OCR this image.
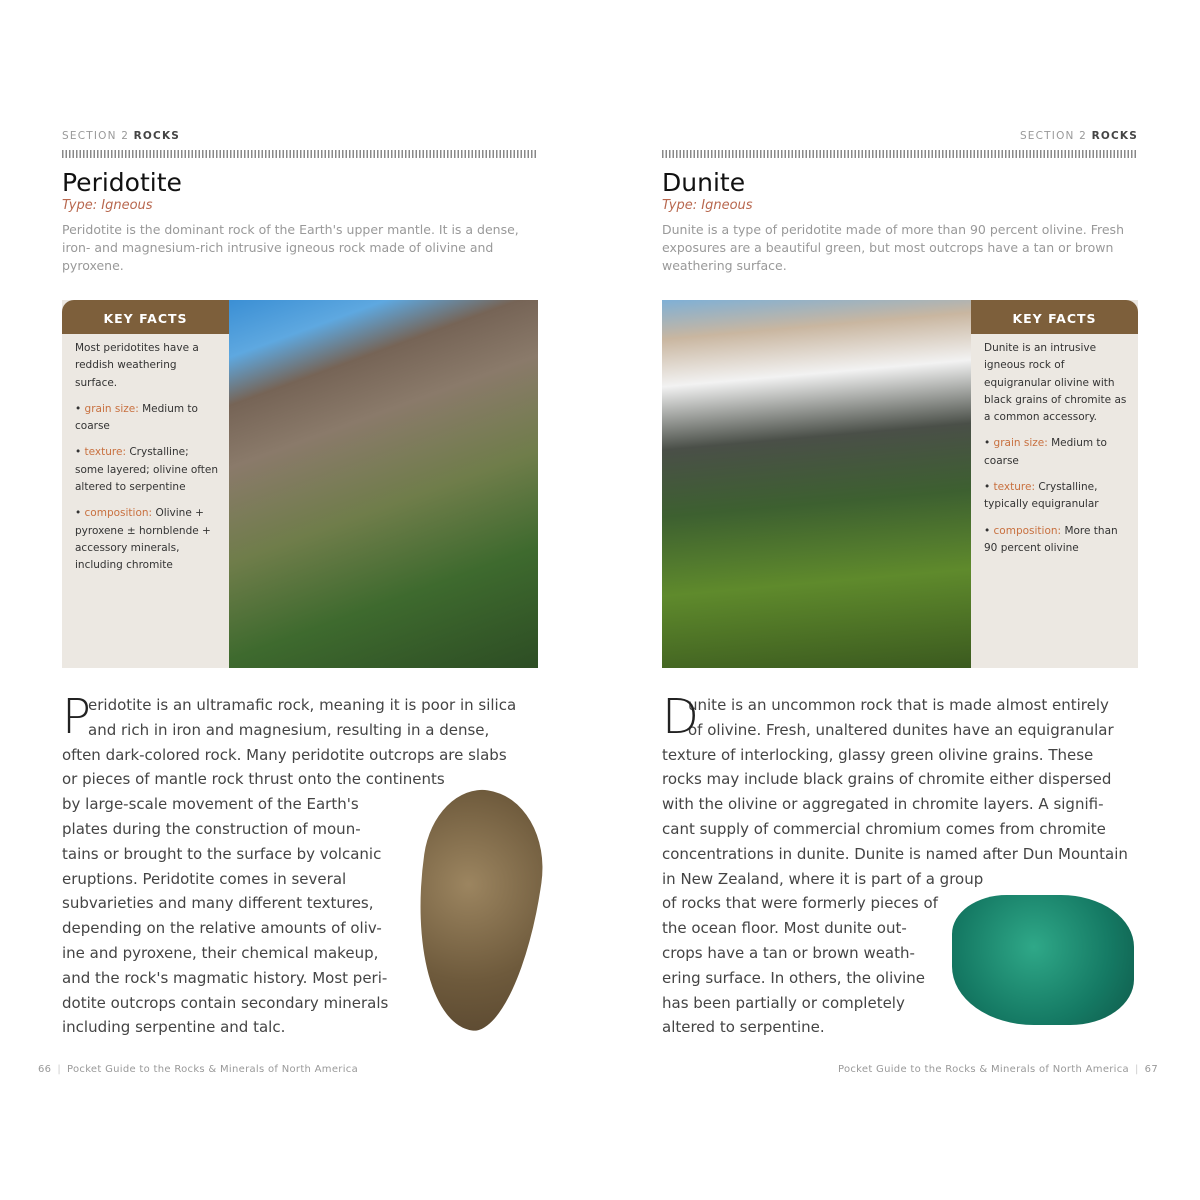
SECTION 2 ROCKS
Peridotite
Type: Igneous
Peridotite is the dominant rock of the Earth's upper mantle. It is a dense, iron- and magnesium-rich intrusive igneous rock made of olivine and pyroxene.
KEY FACTS

Most peridotites have a reddish weathering surface.

• grain size: Medium to coarse

• texture: Crystalline; some layered; olivine often altered to serpentine

• composition: Olivine + pyroxene ± hornblende + accessory minerals, including chromite

P
eridotite is an ultramafic rock, meaning it is poor in silica
and rich in iron and magnesium, resulting in a dense,
often dark-colored rock. Many peridotite outcrops are slabs
or pieces of mantle rock thrust onto the continents
by large-scale movement of the Earth's
plates during the construction of moun-
tains or brought to the surface by volcanic
eruptions. Peridotite comes in several
subvarieties and many different textures,
depending on the relative amounts of oliv-
ine and pyroxene, their chemical makeup,
and the rock's magmatic history. Most peri-
dotite outcrops contain secondary minerals
including serpentine and talc.
SECTION 2 ROCKS
Dunite
Type: Igneous
Dunite is a type of peridotite made of more than 90 percent olivine. Fresh exposures are a beautiful green, but most outcrops have a tan or brown weathering surface.
KEY FACTS

Dunite is an intrusive igneous rock of equigranular olivine with black grains of chromite as a common accessory.

• grain size: Medium to coarse

• texture: Crystalline, typically equigranular

• composition: More than 90 percent olivine

D
unite is an uncommon rock that is made almost entirely
of olivine. Fresh, unaltered dunites have an equigranular
texture of interlocking, glassy green olivine grains. These
rocks may include black grains of chromite either dispersed
with the olivine or aggregated in chromite layers. A signifi-
cant supply of commercial chromium comes from chromite
concentrations in dunite. Dunite is named after Dun Mountain
in New Zealand, where it is part of a group
of rocks that were formerly pieces of
the ocean floor. Most dunite out-
crops have a tan or brown weath-
ering surface. In others, the olivine
has been partially or completely
altered to serpentine.
66 | Pocket Guide to the Rocks & Minerals of North America	Pocket Guide to the Rocks & Minerals of North America | 67
